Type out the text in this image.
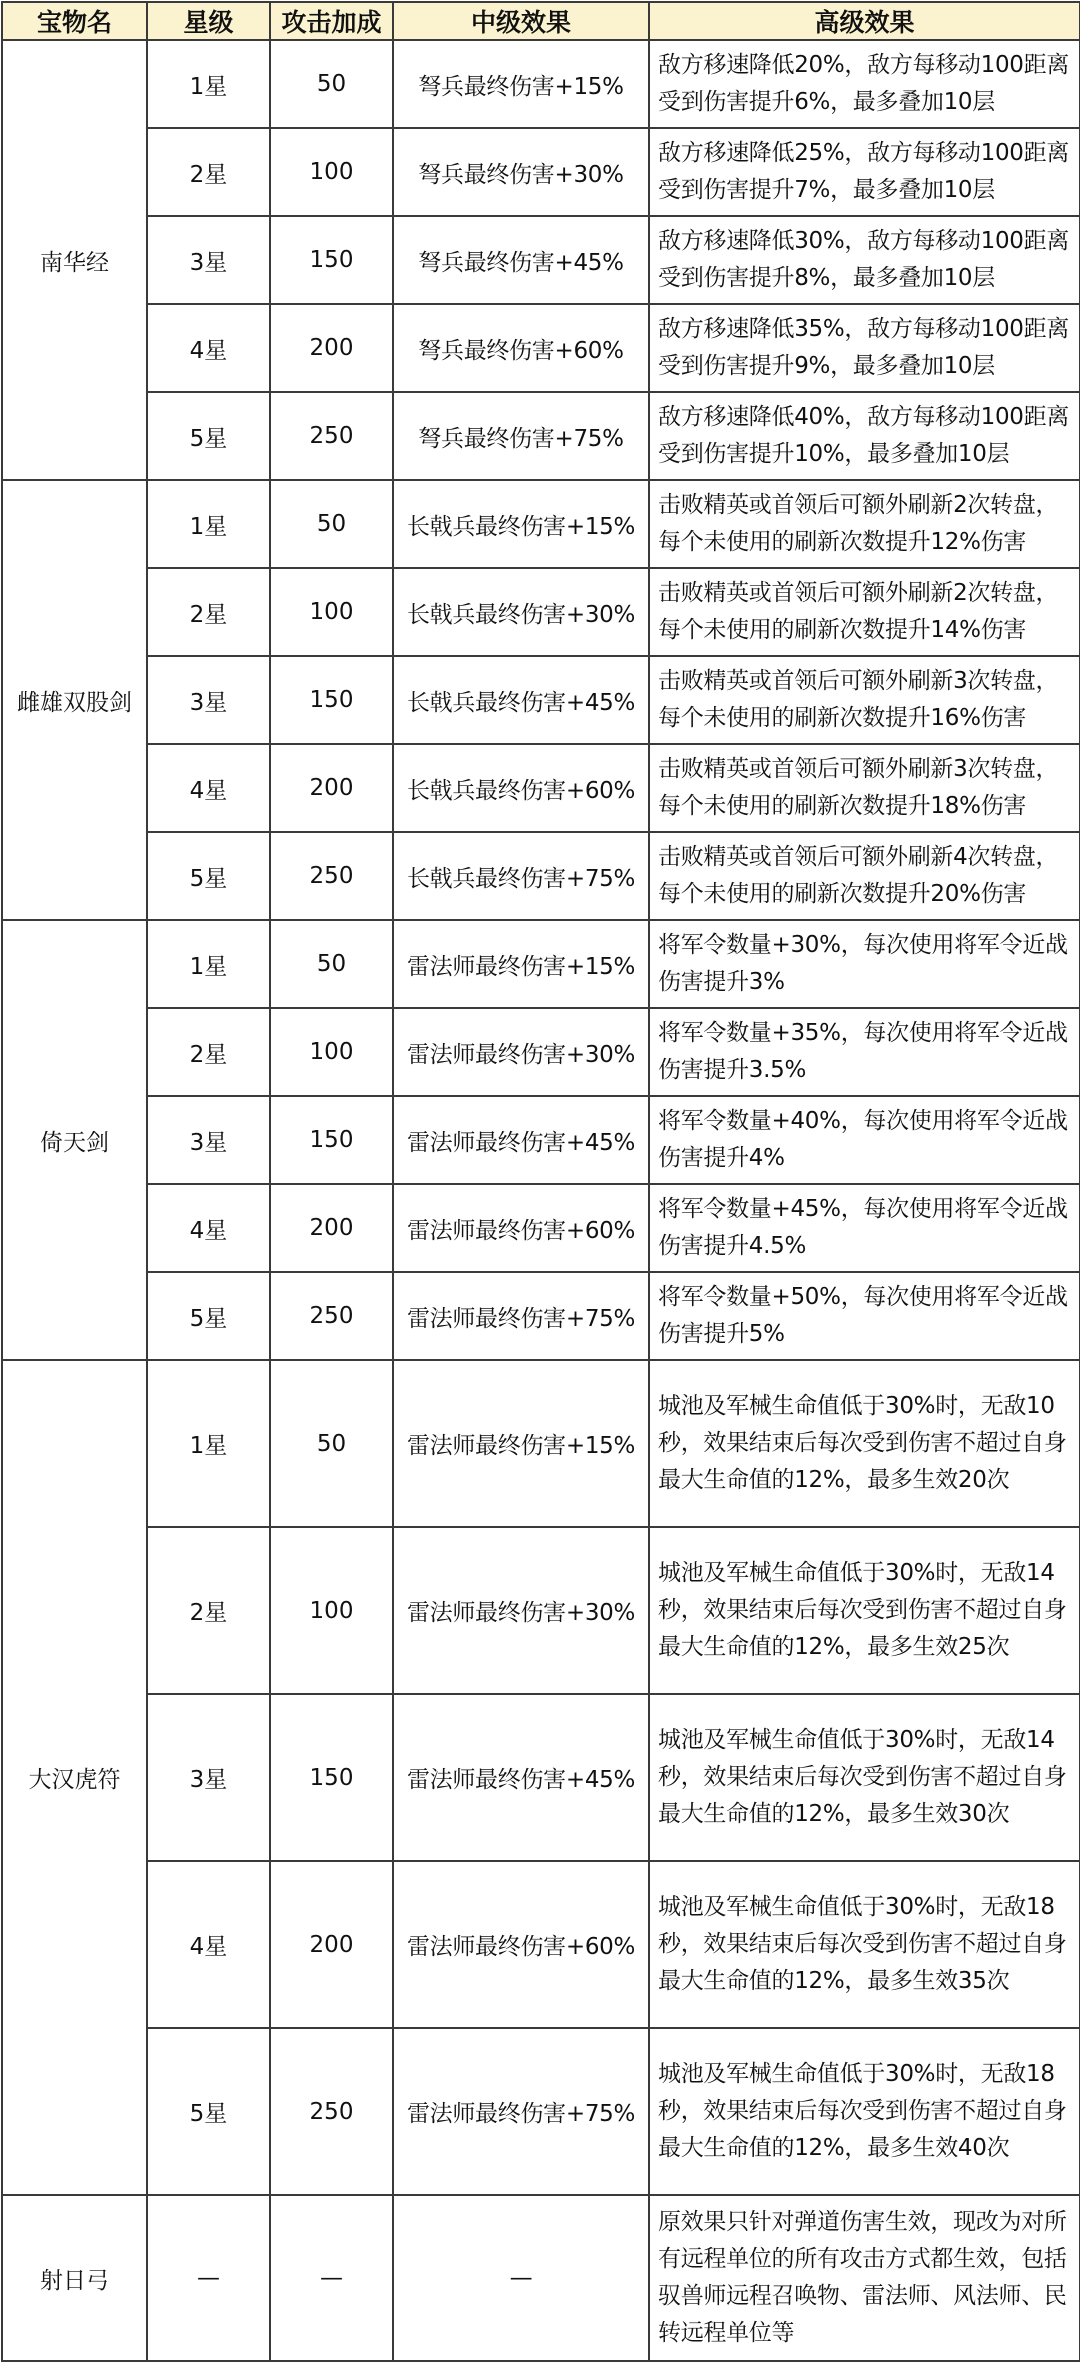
宝物名	星级	攻击加成	中级效果	高级效果
南华经	1星	50	弩兵最终伤害+15%	敌方移速降低20%，敌方每移动100距离受到伤害提升6%，最多叠加10层
	2星	100	弩兵最终伤害+30%	敌方移速降低25%，敌方每移动100距离受到伤害提升7%，最多叠加10层
	3星	150	弩兵最终伤害+45%	敌方移速降低30%，敌方每移动100距离受到伤害提升8%，最多叠加10层
	4星	200	弩兵最终伤害+60%	敌方移速降低35%，敌方每移动100距离受到伤害提升9%，最多叠加10层
	5星	250	弩兵最终伤害+75%	敌方移速降低40%，敌方每移动100距离受到伤害提升10%，最多叠加10层
雌雄双股剑	1星	50	长戟兵最终伤害+15%	击败精英或首领后可额外刷新2次转盘，每个未使用的刷新次数提升12%伤害
	2星	100	长戟兵最终伤害+30%	击败精英或首领后可额外刷新2次转盘，每个未使用的刷新次数提升14%伤害
	3星	150	长戟兵最终伤害+45%	击败精英或首领后可额外刷新3次转盘，每个未使用的刷新次数提升16%伤害
	4星	200	长戟兵最终伤害+60%	击败精英或首领后可额外刷新3次转盘，每个未使用的刷新次数提升18%伤害
	5星	250	长戟兵最终伤害+75%	击败精英或首领后可额外刷新4次转盘，每个未使用的刷新次数提升20%伤害
倚天剑	1星	50	雷法师最终伤害+15%	将军令数量+30%，每次使用将军令近战伤害提升3%
	2星	100	雷法师最终伤害+30%	将军令数量+35%，每次使用将军令近战伤害提升3.5%
	3星	150	雷法师最终伤害+45%	将军令数量+40%，每次使用将军令近战伤害提升4%
	4星	200	雷法师最终伤害+60%	将军令数量+45%，每次使用将军令近战伤害提升4.5%
	5星	250	雷法师最终伤害+75%	将军令数量+50%，每次使用将军令近战伤害提升5%
大汉虎符	1星	50	雷法师最终伤害+15%	城池及军械生命值低于30%时，无敌10秒，效果结束后每次受到伤害不超过自身最大生命值的12%，最多生效20次
	2星	100	雷法师最终伤害+30%	城池及军械生命值低于30%时，无敌14秒，效果结束后每次受到伤害不超过自身最大生命值的12%，最多生效25次
	3星	150	雷法师最终伤害+45%	城池及军械生命值低于30%时，无敌14秒，效果结束后每次受到伤害不超过自身最大生命值的12%，最多生效30次
	4星	200	雷法师最终伤害+60%	城池及军械生命值低于30%时，无敌18秒，效果结束后每次受到伤害不超过自身最大生命值的12%，最多生效35次
	5星	250	雷法师最终伤害+75%	城池及军械生命值低于30%时，无敌18秒，效果结束后每次受到伤害不超过自身最大生命值的12%，最多生效40次
射日弓	—	—	—	原效果只针对弹道伤害生效，现改为对所有远程单位的所有攻击方式都生效，包括驭兽师远程召唤物、雷法师、风法师、民转远程单位等
